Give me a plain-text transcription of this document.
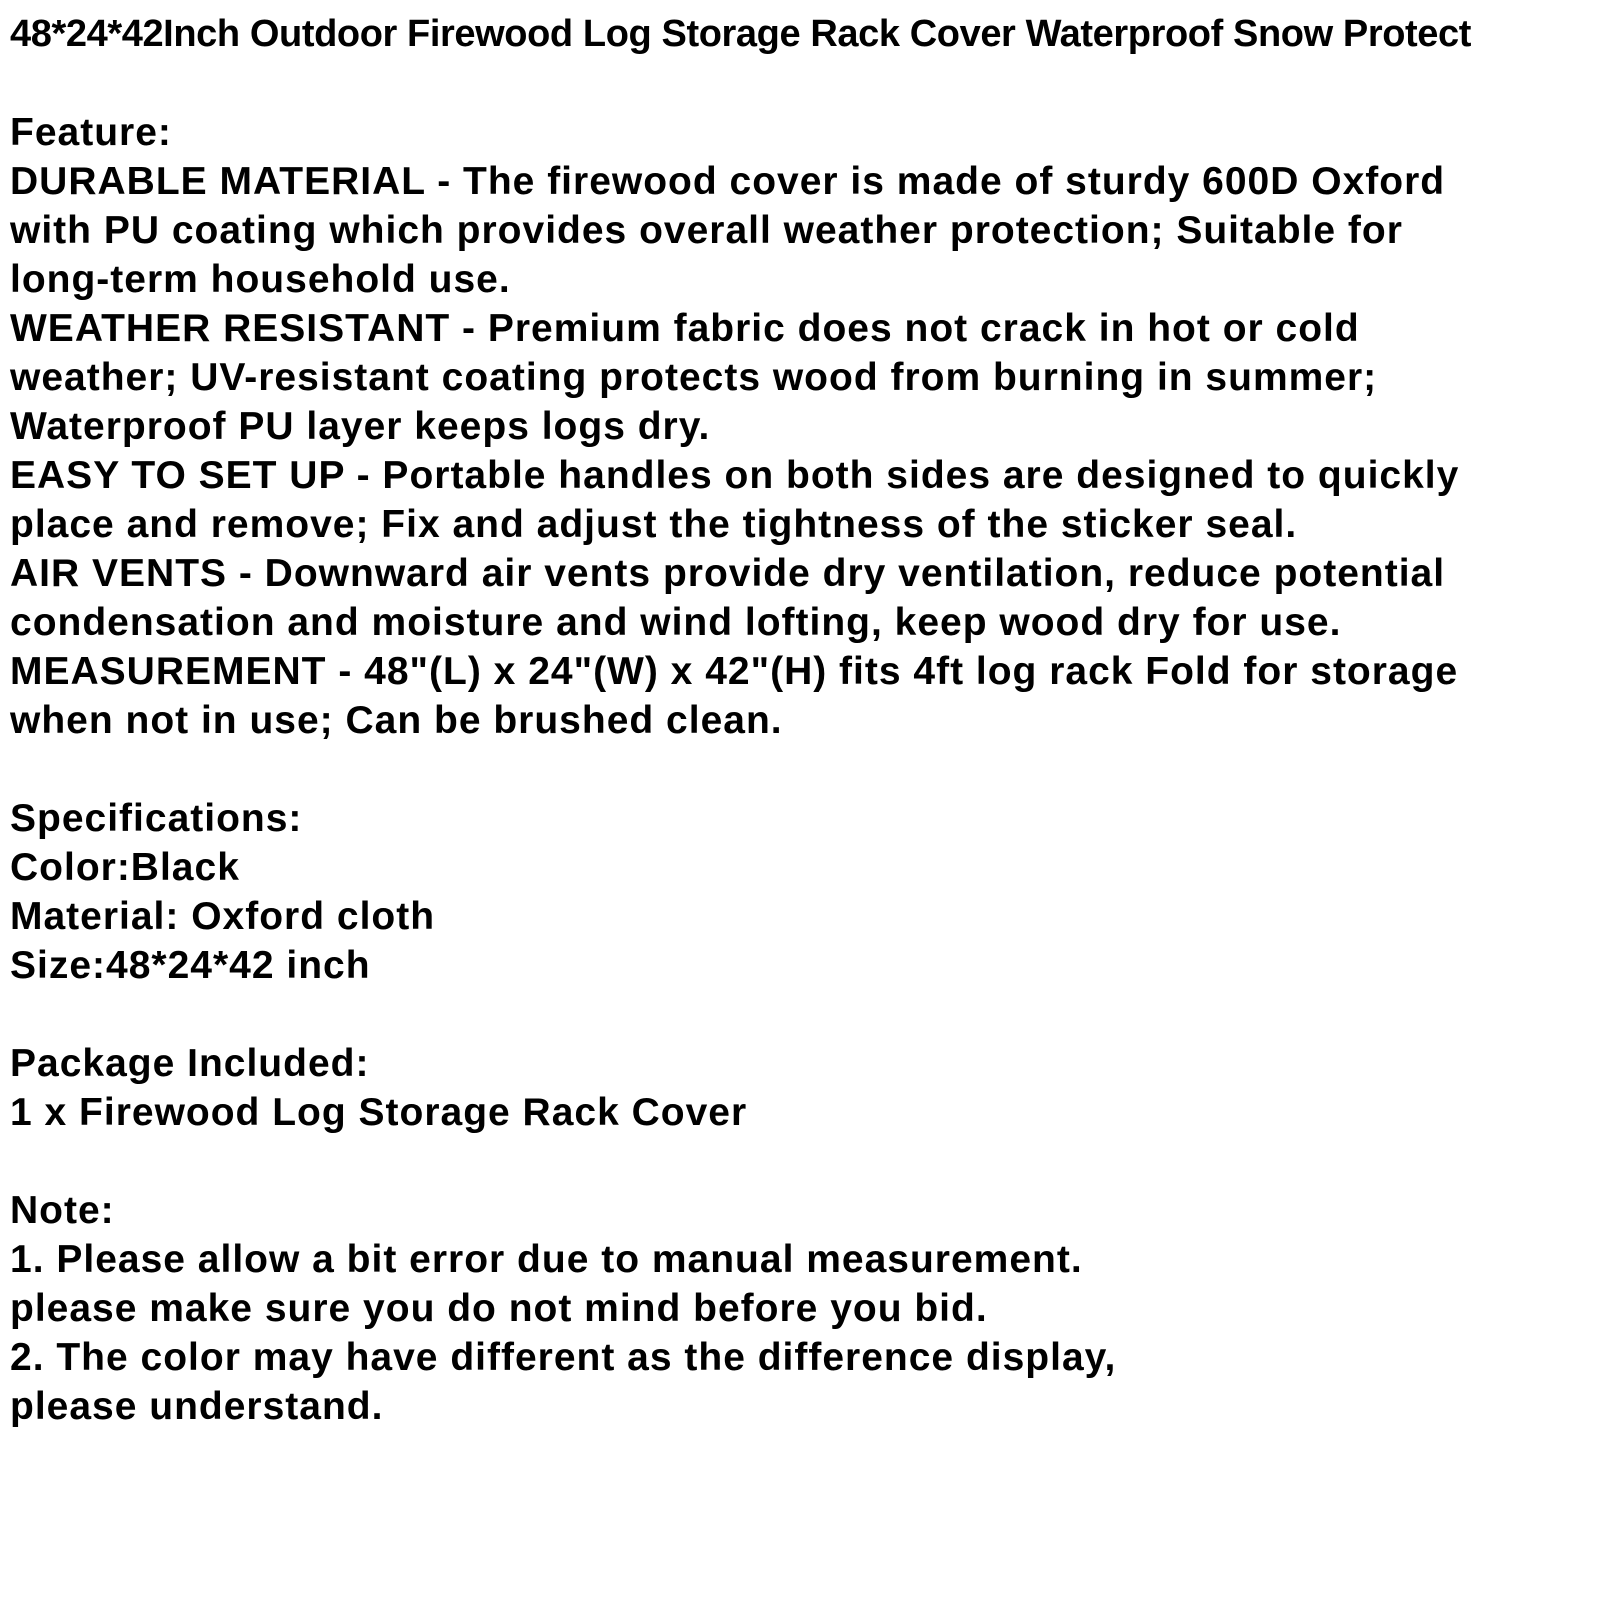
48*24*42Inch Outdoor Firewood Log Storage Rack Cover Waterproof Snow Protect
Feature:
DURABLE MATERIAL - The firewood cover is made of sturdy 600D Oxford
with PU coating which provides overall weather protection; Suitable for
long-term household use.
WEATHER RESISTANT - Premium fabric does not crack in hot or cold
weather; UV-resistant coating protects wood from burning in summer;
Waterproof PU layer keeps logs dry.
EASY TO SET UP - Portable handles on both sides are designed to quickly
place and remove; Fix and adjust the tightness of the sticker seal.
AIR VENTS - Downward air vents provide dry ventilation, reduce potential
condensation and moisture and wind lofting, keep wood dry for use.
MEASUREMENT - 48"(L) x 24"(W) x 42"(H) fits 4ft log rack Fold for storage
when not in use; Can be brushed clean.
Specifications:
Color:Black
Material: Oxford cloth
Size:48*24*42 inch
Package Included:
1 x Firewood Log Storage Rack Cover
Note:
1. Please allow a bit error due to manual measurement.
please make sure you do not mind before you bid.
2. The color may have different as the difference display,
please understand.
